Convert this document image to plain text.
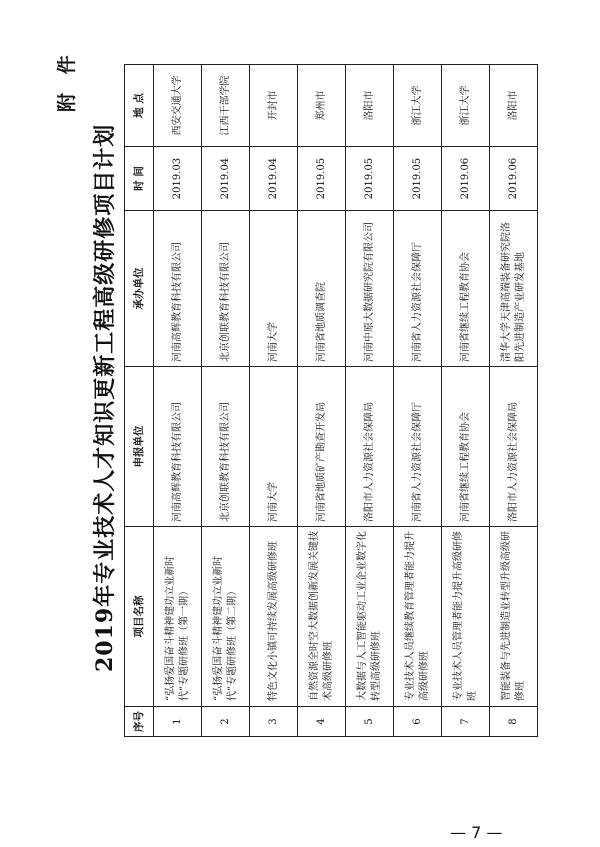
附 件
2019年专业技术人才知识更新工程高级研修项目计划
序号	项目名称	申报单位	承办单位	时 间	地 点
1	“弘扬爱国奋斗精神建功立业新时代”专题研修班（第一期）	河南高辉教育科技有限公司	河南高辉教育科技有限公司	2019.03	西安交通大学
2	“弘扬爱国奋斗精神建功立业新时代”专题研修班（第二期）	北京创联教育科技有限公司	北京创联教育科技有限公司	2019.04	江西干部学院
3	特色文化小镇可持续发展高级研修班	河南大学	河南大学	2019.04	开封市
4	自然资源全时空大数据创新发展关键技术高级研修班	河南省地质矿产勘查开发局	河南省地质调查院	2019.05	郑州市
5	大数据与人工智能驱动工业企业数字化转型高级研修班	洛阳市人力资源社会保障局	河南中原大数据研究院有限公司	2019.05	洛阳市
6	专业技术人员继续教育管理者能力提升高级研修班	河南省人力资源社会保障厅	河南省人力资源社会保障厅	2019.05	浙江大学
7	专业技术人员管理者能力提升高级研修班	河南省继续工程教育协会	河南省继续工程教育协会	2019.06	浙江大学
8	智能装备与先进制造业转型升级高级研修班	洛阳市人力资源社会保障局	清华大学天津高端装备研究院洛阳先进制造产业研发基地	2019.06	洛阳市
— 7 —
